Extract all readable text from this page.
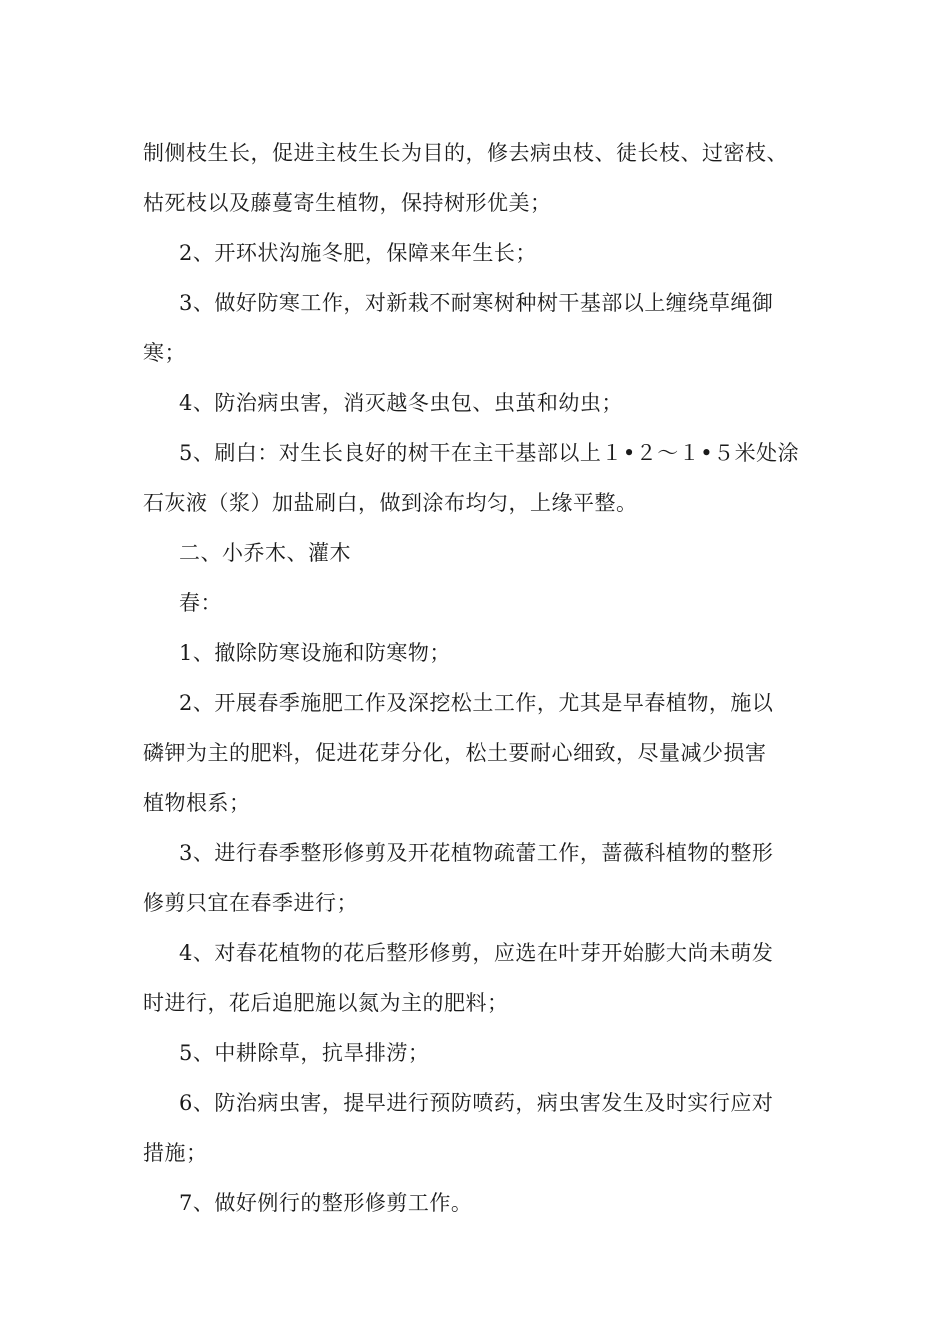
制侧枝生长，促进主枝生长为目的，修去病虫枝、徒长枝、过密枝、
枯死枝以及藤蔓寄生植物，保持树形优美；
2、开环状沟施冬肥，保障来年生长；
3、做好防寒工作，对新栽不耐寒树种树干基部以上缠绕草绳御
寒；
4、防治病虫害，消灭越冬虫包、虫茧和幼虫；
5、刷白：对生长良好的树干在主干基部以上１•２～１•５米处涂
石灰液（浆）加盐刷白，做到涂布均匀，上缘平整。
二、小乔木、灌木
春：
1、撤除防寒设施和防寒物；
2、开展春季施肥工作及深挖松土工作，尤其是早春植物，施以
磷钾为主的肥料，促进花芽分化，松土要耐心细致，尽量减少损害
植物根系；
3、进行春季整形修剪及开花植物疏蕾工作，蔷薇科植物的整形
修剪只宜在春季进行；
4、对春花植物的花后整形修剪，应选在叶芽开始膨大尚未萌发
时进行，花后追肥施以氮为主的肥料；
5、中耕除草，抗旱排涝；
6、防治病虫害，提早进行预防喷药，病虫害发生及时实行应对
措施；
7、做好例行的整形修剪工作。
